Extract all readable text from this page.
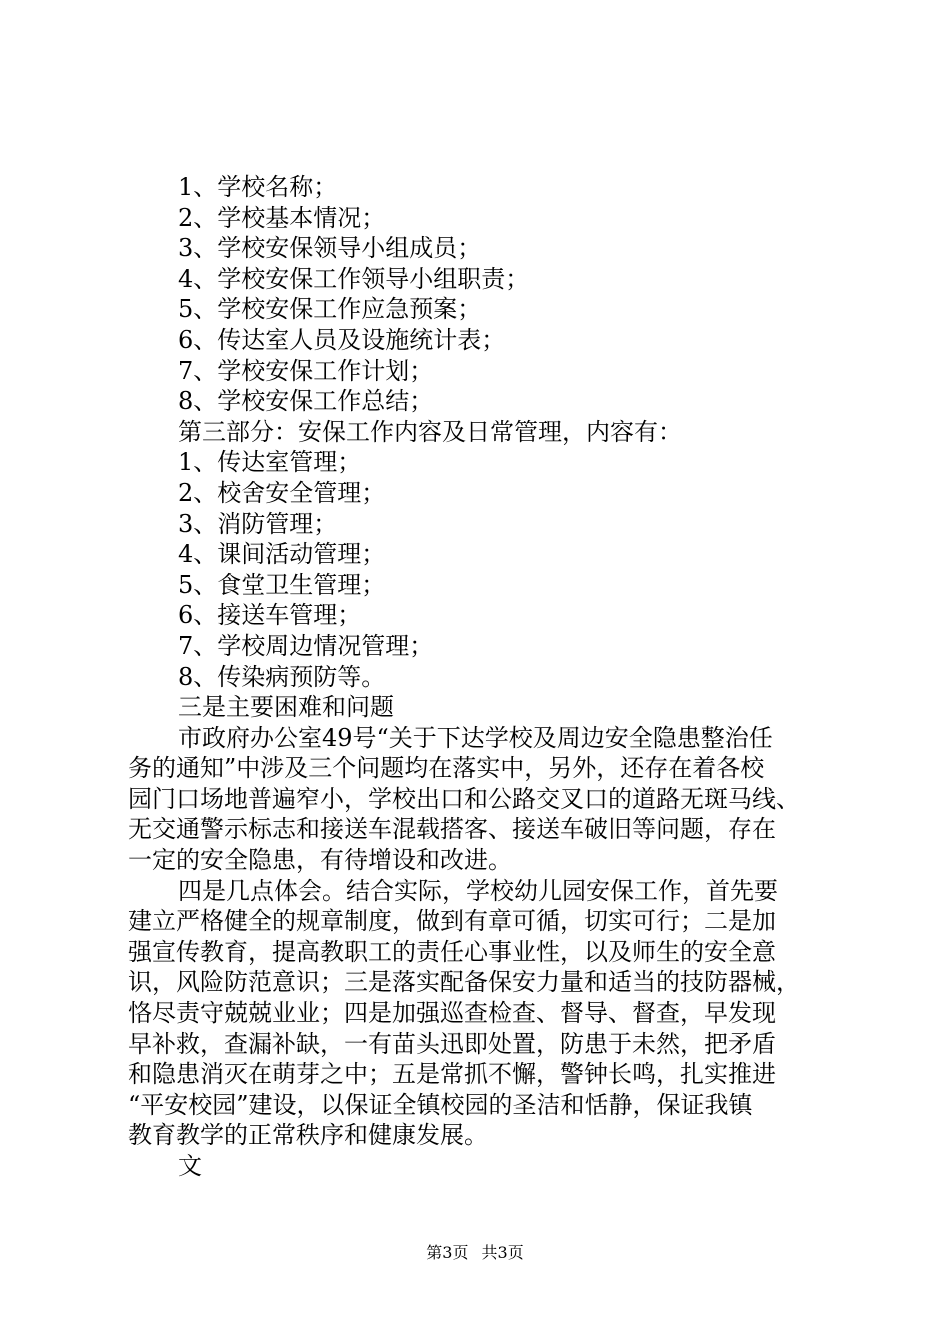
1、学校名称；
2、学校基本情况；
3、学校安保领导小组成员；
4、学校安保工作领导小组职责；
5、学校安保工作应急预案；
6、传达室人员及设施统计表；
7、学校安保工作计划；
8、学校安保工作总结；
第三部分：安保工作内容及日常管理，内容有：
1、传达室管理；
2、校舍安全管理；
3、消防管理；
4、课间活动管理；
5、食堂卫生管理；
6、接送车管理；
7、学校周边情况管理；
8、传染病预防等。
三是主要困难和问题
市政府办公室49号“关于下达学校及周边安全隐患整治任
务的通知”中涉及三个问题均在落实中，另外，还存在着各校
园门口场地普遍窄小，学校出口和公路交叉口的道路无斑马线、
无交通警示标志和接送车混载搭客、接送车破旧等问题，存在
一定的安全隐患，有待增设和改进。
四是几点体会。结合实际，学校幼儿园安保工作，首先要
建立严格健全的规章制度，做到有章可循，切实可行；二是加
强宣传教育，提高教职工的责任心事业性，以及师生的安全意
识，风险防范意识；三是落实配备保安力量和适当的技防器械，
恪尽责守兢兢业业；四是加强巡查检查、督导、督查，早发现
早补救，查漏补缺，一有苗头迅即处置，防患于未然，把矛盾
和隐患消灭在萌芽之中；五是常抓不懈，警钟长鸣，扎实推进
“平安校园”建设，以保证全镇校园的圣洁和恬静，保证我镇
教育教学的正常秩序和健康发展。
文
第3页 共3页
